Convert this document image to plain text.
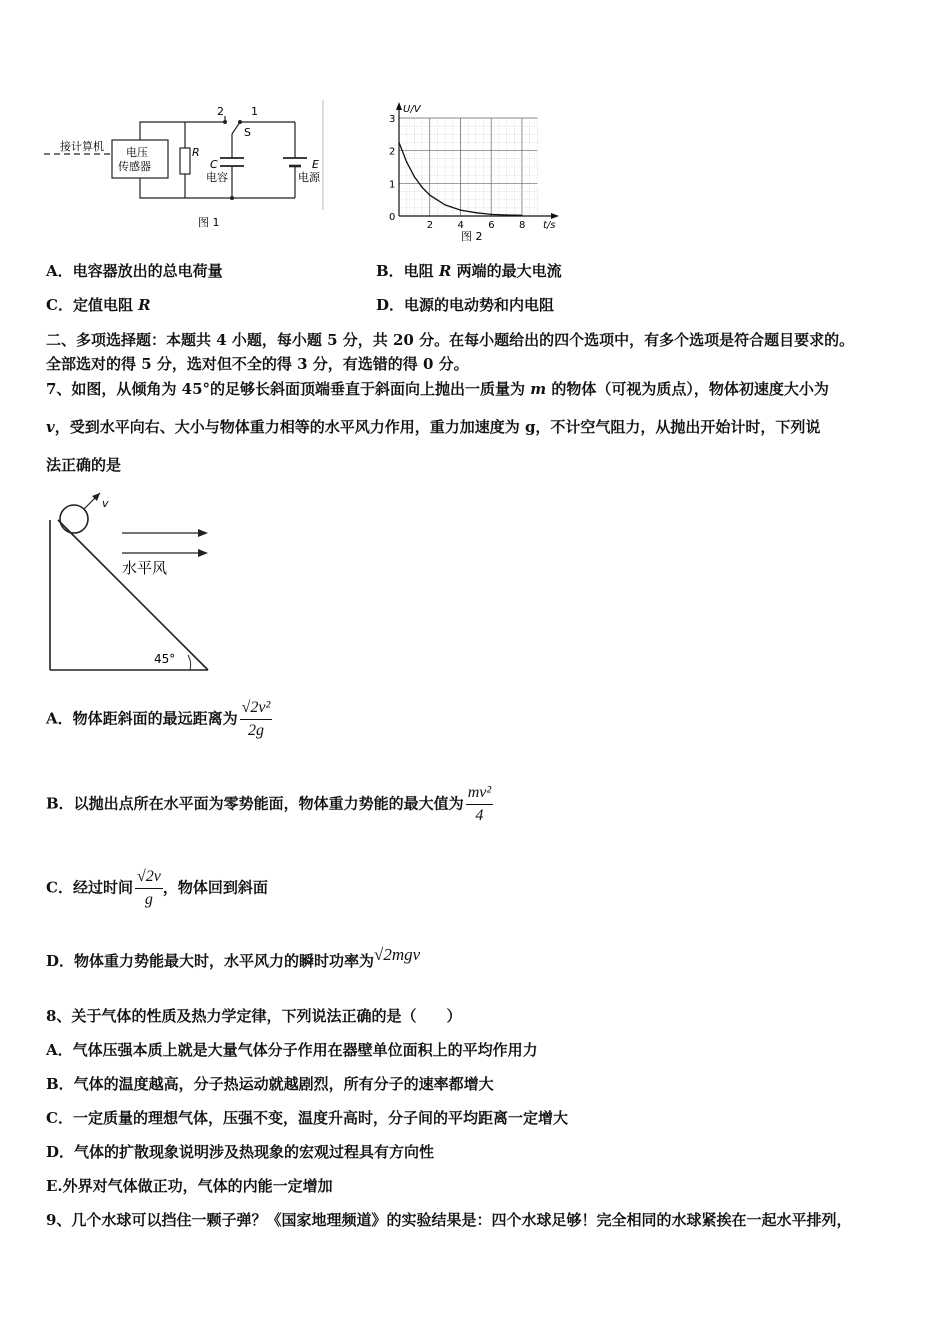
接计算机 电压
传感器
R
S
2 1
C
电容
E
电源
图 1	0
1
2
3
2 4 6 8
U/V
t/s
图 2
A．电容器放出的总电荷量	B．电阻 R 两端的最大电流
C．定值电阻 R	D．电源的电动势和内电阻
二、多项选择题：本题共 4 小题，每小题 5 分，共 20 分。在每小题给出的四个选项中，有多个选项是符合题目要求的。
全部选对的得 5 分，选对但不全的得 3 分，有选错的得 0 分。
7、如图，从倾角为 45°的足够长斜面顶端垂直于斜面向上抛出一质量为 m 的物体（可视为质点），物体初速度大小为
v，受到水平向右、大小与物体重力相等的水平风力作用，重力加速度为 g，不计空气阻力，从抛出开始计时，下列说
法正确的是
v
水平风
45°
A．物体距斜面的最远距离为 $\frac{\text{√2v²}}{2g}$
B．以抛出点所在水平面为零势能面，物体重力势能的最大值为 $\frac{\text{mv²}}{4}$
C．经过时间 $\frac{√2v}{g}$ ，物体回到斜面
D．物体重力势能最大时，水平风力的瞬时功率为√2mgv
8、关于气体的性质及热力学定律，下列说法正确的是（　　）
A．气体压强本质上就是大量气体分子作用在器壁单位面积上的平均作用力
B．气体的温度越高，分子热运动就越剧烈，所有分子的速率都增大
C．一定质量的理想气体，压强不变，温度升高时，分子间的平均距离一定增大
D．气体的扩散现象说明涉及热现象的宏观过程具有方向性
E.外界对气体做正功，气体的内能一定增加
9、几个水球可以挡住一颗子弹？《国家地理频道》的实验结果是：四个水球足够！完全相同的水球紧挨在一起水平排列，
